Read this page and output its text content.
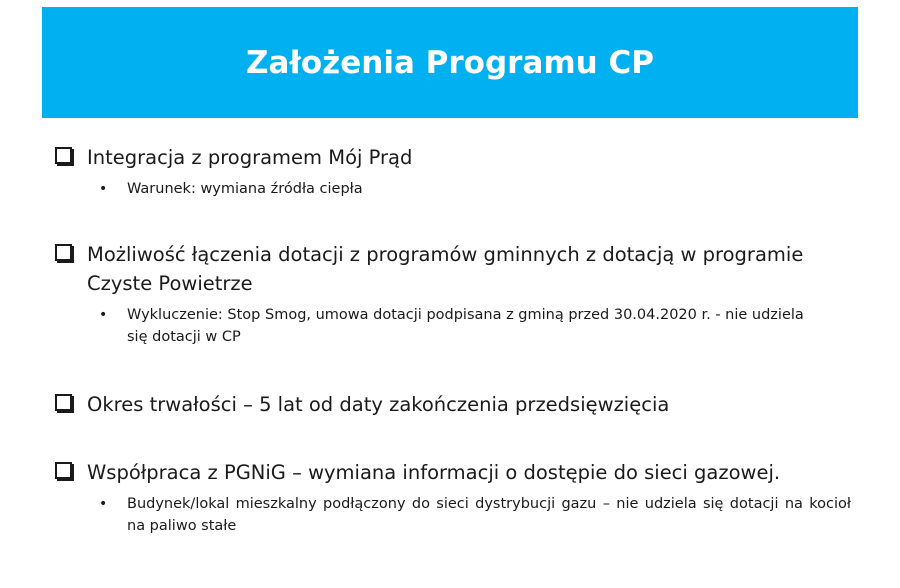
Założenia Programu CP
Integracja z programem Mój Prąd
• Warunek: wymiana źródła ciepła
Możliwość łączenia dotacji z programów gminnych z dotacją w programie Czyste Powietrze
• Wykluczenie: Stop Smog, umowa dotacji podpisana z gminą przed 30.04.2020 r. - nie udziela się dotacji w CP
Okres trwałości – 5 lat od daty zakończenia przedsięwzięcia
Współpraca z PGNiG – wymiana informacji o dostępie do sieci gazowej.
• Budynek/lokal mieszkalny podłączony do sieci dystrybucji gazu – nie udziela się dotacji na kocioł na paliwo stałe
